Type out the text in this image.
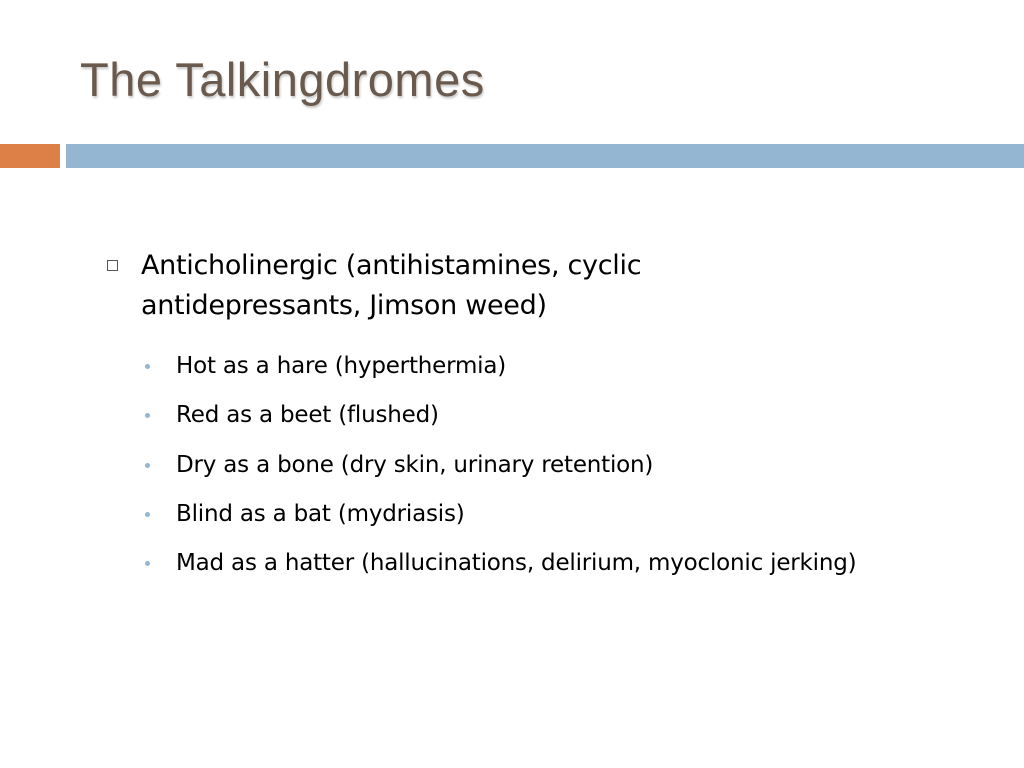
The Talkingdromes

Anticholinergic (antihistamines, cyclic antidepressants, Jimson weed)

Hot as a hare (hyperthermia)

Red as a beet (flushed)

Dry as a bone (dry skin, urinary retention)

Blind as a bat (mydriasis)

Mad as a hatter (hallucinations, delirium, myoclonic jerking)
